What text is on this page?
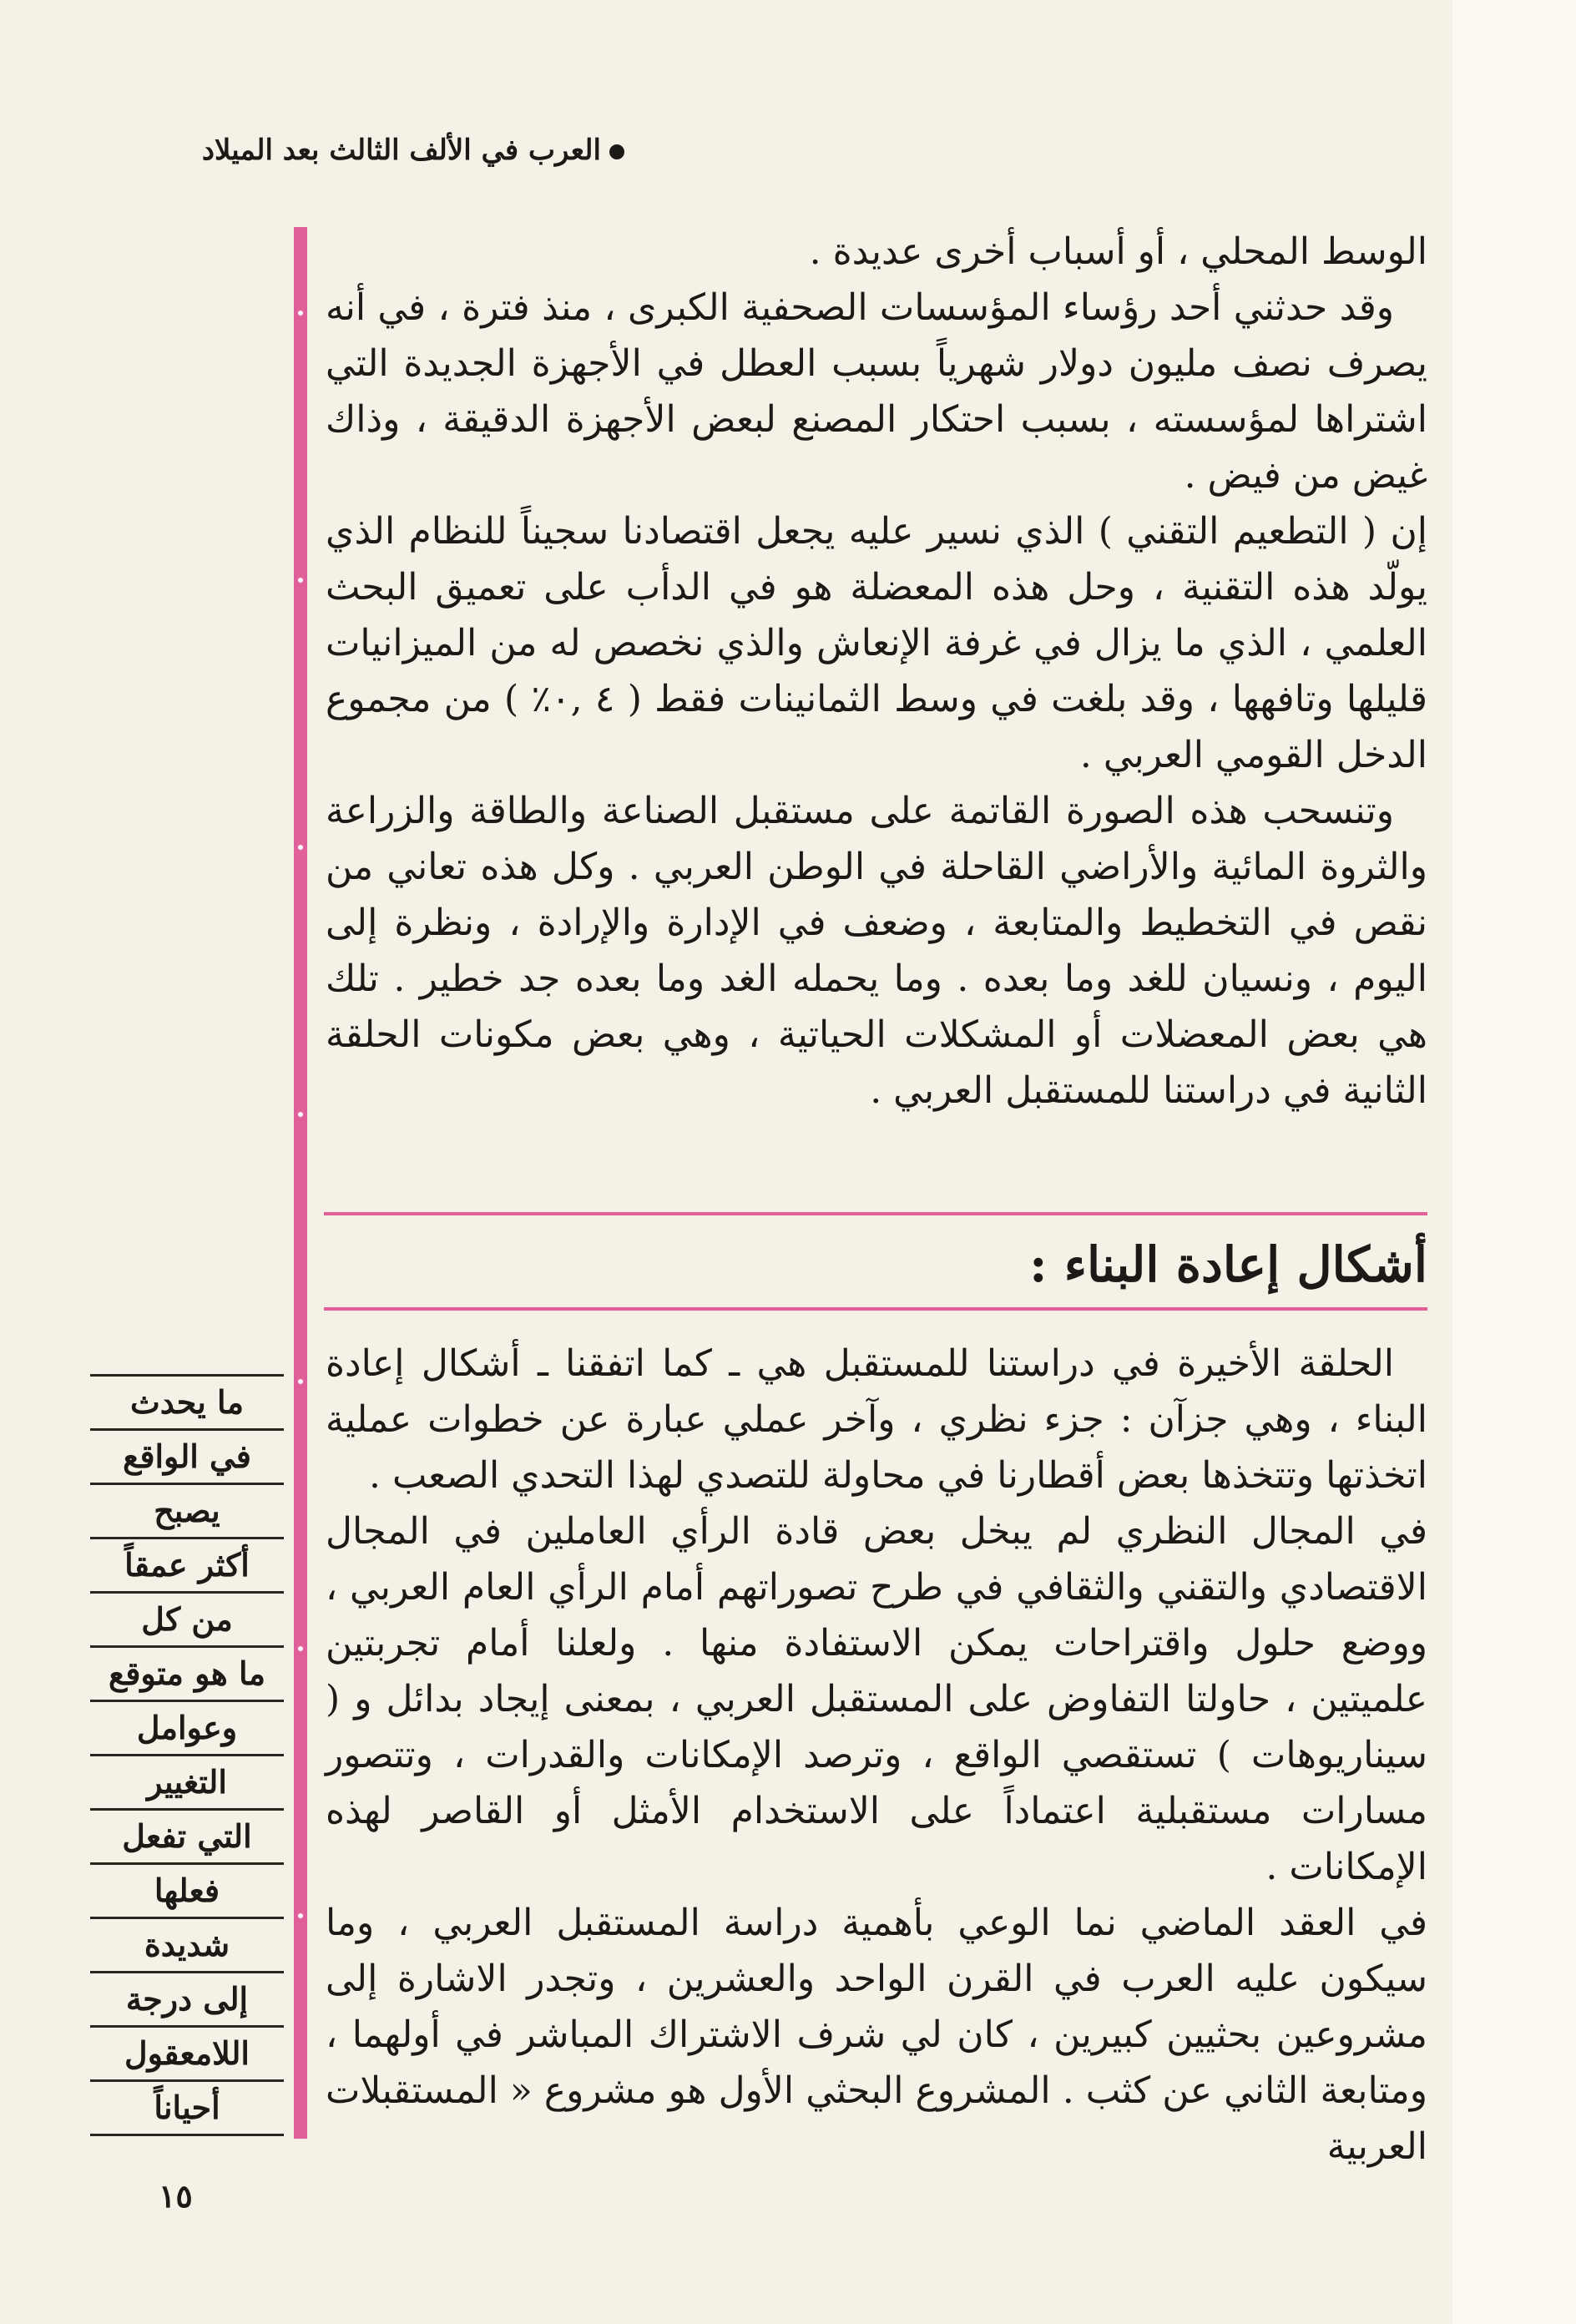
العرب في الألف الثالث بعد الميلاد

الوسط المحلي ، أو أسباب أخرى عديدة .

وقد حدثني أحد رؤساء المؤسسات الصحفية الكبرى ، منذ فترة ، في أنه يصرف نصف مليون دولار شهرياً بسبب العطل في الأجهزة الجديدة التي اشتراها لمؤسسته ، بسبب احتكار المصنع لبعض الأجهزة الدقيقة ، وذاك غيض من فيض .

إن ( التطعيم التقني ) الذي نسير عليه يجعل اقتصادنا سجيناً للنظام الذي يولّد هذه التقنية ، وحل هذه المعضلة هو في الدأب على تعميق البحث العلمي ، الذي ما يزال في غرفة الإنعاش والذي نخصص له من الميزانيات قليلها وتافهها ، وقد بلغت في وسط الثمانينات فقط ( ٤ ,٠٪ ) من مجموع الدخل القومي العربي .

وتنسحب هذه الصورة القاتمة على مستقبل الصناعة والطاقة والزراعة والثروة المائية والأراضي القاحلة في الوطن العربي . وكل هذه تعاني من نقص في التخطيط والمتابعة ، وضعف في الإدارة والإرادة ، ونظرة إلى اليوم ، ونسيان للغد وما بعده . وما يحمله الغد وما بعده جد خطير . تلك هي بعض المعضلات أو المشكلات الحياتية ، وهي بعض مكونات الحلقة الثانية في دراستنا للمستقبل العربي .

أشكال إعادة البناء :

الحلقة الأخيرة في دراستنا للمستقبل هي ـ كما اتفقنا ـ أشكال إعادة البناء ، وهي جزآن : جزء نظري ، وآخر عملي عبارة عن خطوات عملية اتخذتها وتتخذها بعض أقطارنا في محاولة للتصدي لهذا التحدي الصعب .

في المجال النظري لم يبخل بعض قادة الرأي العاملين في المجال الاقتصادي والتقني والثقافي في طرح تصوراتهم أمام الرأي العام العربي ، ووضع حلول واقتراحات يمكن الاستفادة منها . ولعلنا أمام تجربتين علميتين ، حاولتا التفاوض على المستقبل العربي ، بمعنى إيجاد بدائل و ( سيناريوهات ) تستقصي الواقع ، وترصد الإمكانات والقدرات ، وتتصور مسارات مستقبلية اعتماداً على الاستخدام الأمثل أو القاصر لهذه الإمكانات .

في العقد الماضي نما الوعي بأهمية دراسة المستقبل العربي ، وما سيكون عليه العرب في القرن الواحد والعشرين ، وتجدر الاشارة إلى مشروعين بحثيين كبيرين ، كان لي شرف الاشتراك المباشر في أولهما ، ومتابعة الثاني عن كثب . المشروع البحثي الأول هو مشروع « المستقبلات العربية

ما يحدث
في الواقع
يصبح
أكثر عمقاً
من كل
ما هو متوقع
وعوامل
التغيير
التي تفعل
فعلها
شديدة
إلى درجة
اللامعقول
أحياناً
١٥
